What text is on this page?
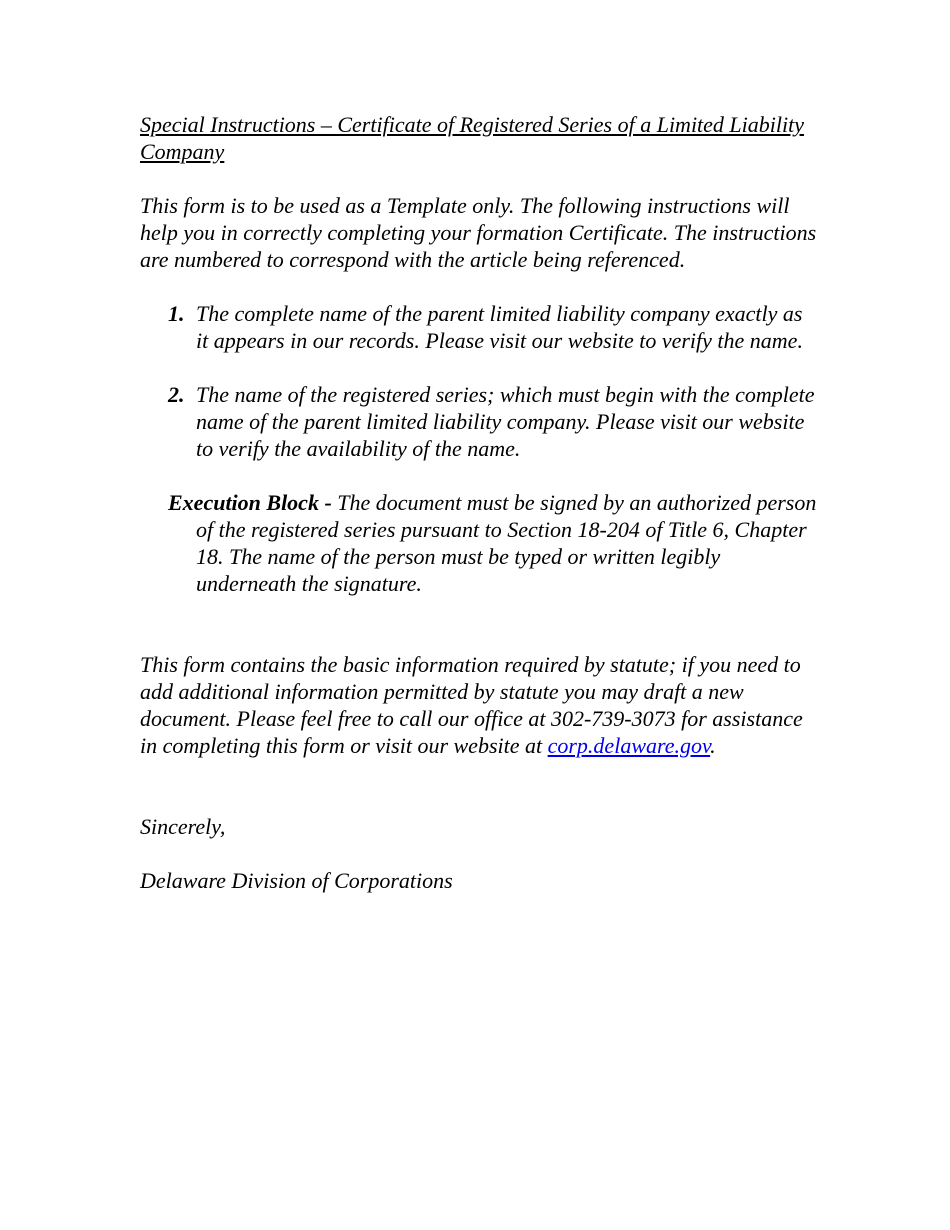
Special Instructions – Certificate of Registered Series of a Limited Liability Company

This form is to be used as a Template only. The following instructions will help you in correctly completing your formation Certificate. The instructions are numbered to correspond with the article being referenced.

1. The complete name of the parent limited liability company exactly as it appears in our records. Please visit our website to verify the name.
2. The name of the registered series; which must begin with the complete name of the parent limited liability company. Please visit our website to verify the availability of the name.

Execution Block - The document must be signed by an authorized person of the registered series pursuant to Section 18-204 of Title 6, Chapter 18. The name of the person must be typed or written legibly underneath the signature.

This form contains the basic information required by statute; if you need to add additional information permitted by statute you may draft a new document. Please feel free to call our office at 302-739-3073 for assistance in completing this form or visit our website at corp.delaware.gov.

Sincerely,

Delaware Division of Corporations
